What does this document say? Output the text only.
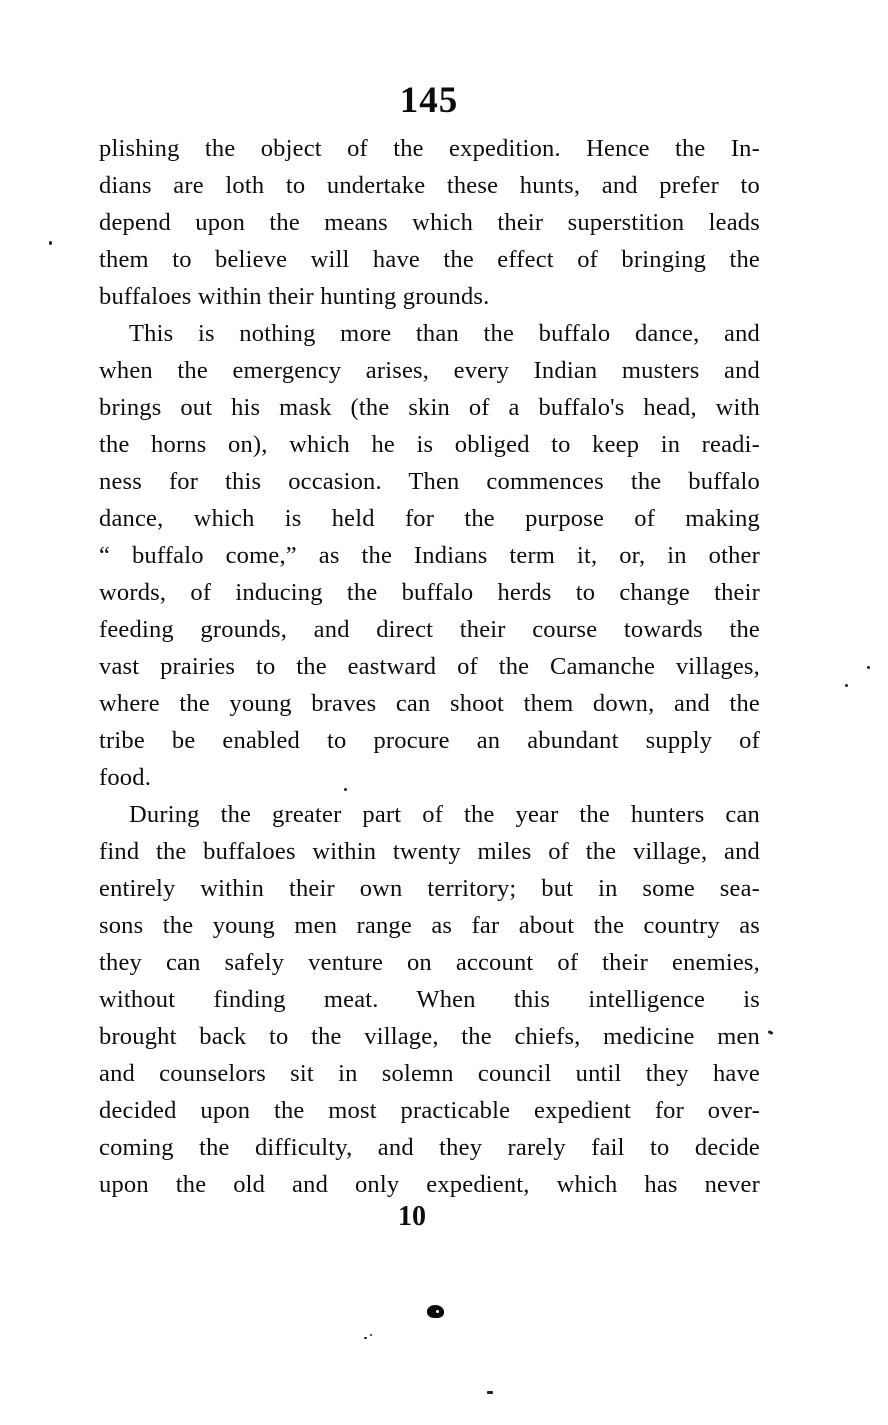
145
plishing the object of the expedition. Hence the In-
dians are loth to undertake these hunts, and prefer to
depend upon the means which their superstition leads
them to believe will have the effect of bringing the
buffaloes within their hunting grounds.
This is nothing more than the buffalo dance, and
when the emergency arises, every Indian musters and
brings out his mask (the skin of a buffalo's head, with
the horns on), which he is obliged to keep in readi-
ness for this occasion. Then commences the buffalo
dance, which is held for the purpose of making
“ buffalo come,” as the Indians term it, or, in other
words, of inducing the buffalo herds to change their
feeding grounds, and direct their course towards the
vast prairies to the eastward of the Camanche villages,
where the young braves can shoot them down, and the
tribe be enabled to procure an abundant supply of
food.
During the greater part of the year the hunters can
find the buffaloes within twenty miles of the village, and
entirely within their own territory; but in some sea-
sons the young men range as far about the country as
they can safely venture on account of their enemies,
without finding meat. When this intelligence is
brought back to the village, the chiefs, medicine men
and counselors sit in solemn council until they have
decided upon the most practicable expedient for over-
coming the difficulty, and they rarely fail to decide
upon the old and only expedient, which has never
10
